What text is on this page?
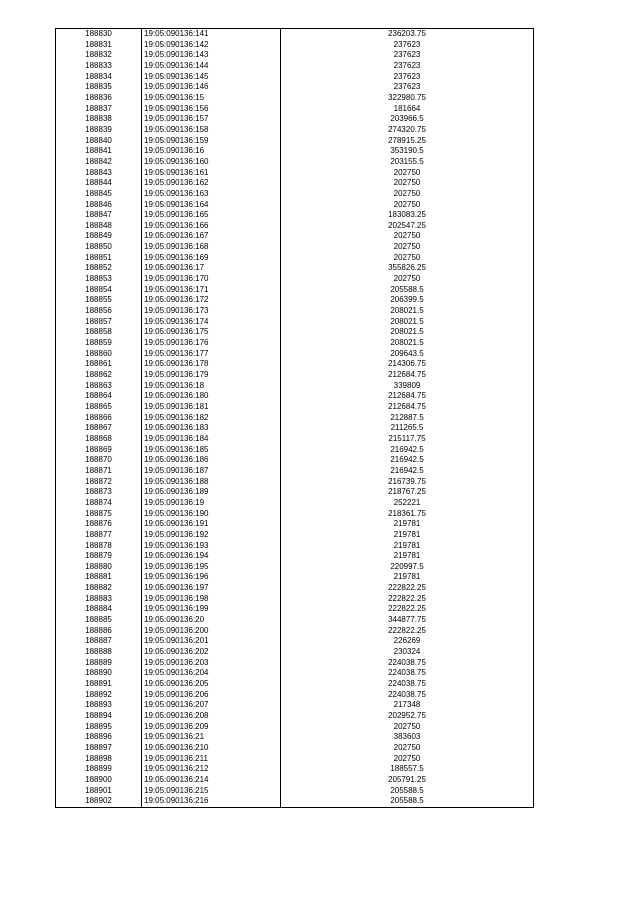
188830	19:05:090136:141	236203.75
188831	19:05:090136:142	237623
188832	19:05:090136:143	237623
188833	19:05:090136:144	237623
188834	19:05:090136:145	237623
188835	19:05:090136:146	237623
188836	19:05:090136:15	322980.75
188837	19:05:090136:156	181664
188838	19:05:090136:157	203966.5
188839	19:05:090136:158	274320.75
188840	19:05:090136:159	278915.25
188841	19:05:090136:16	353190.5
188842	19:05:090136:160	203155.5
188843	19:05:090136:161	202750
188844	19:05:090136:162	202750
188845	19:05:090136:163	202750
188846	19:05:090136:164	202750
188847	19:05:090136:165	183083.25
188848	19:05:090136:166	202547.25
188849	19:05:090136:167	202750
188850	19:05:090136:168	202750
188851	19:05:090136:169	202750
188852	19:05:090136:17	355826.25
188853	19:05:090136:170	202750
188854	19:05:090136:171	205588.5
188855	19:05:090136:172	206399.5
188856	19:05:090136:173	208021.5
188857	19:05:090136:174	208021.5
188858	19:05:090136:175	208021.5
188859	19:05:090136:176	208021.5
188860	19:05:090136:177	209643.5
188861	19:05:090136:178	214306.75
188862	19:05:090136:179	212684.75
188863	19:05:090136:18	339809
188864	19:05:090136:180	212684.75
188865	19:05:090136:181	212684.75
188866	19:05:090136:182	212887.5
188867	19:05:090136:183	211265.5
188868	19:05:090136:184	215117.75
188869	19:05:090136:185	216942.5
188870	19:05:090136:186	216942.5
188871	19:05:090136:187	216942.5
188872	19:05:090136:188	216739.75
188873	19:05:090136:189	218767.25
188874	19:05:090136:19	252221
188875	19:05:090136:190	218361.75
188876	19:05:090136:191	219781
188877	19:05:090136:192	219781
188878	19:05:090136:193	219781
188879	19:05:090136:194	219781
188880	19:05:090136:195	220997.5
188881	19:05:090136:196	219781
188882	19:05:090136:197	222822.25
188883	19:05:090136:198	222822.25
188884	19:05:090136:199	222822.25
188885	19:05:090136:20	344877.75
188886	19:05:090136:200	222822.25
188887	19:05:090136:201	226269
188888	19:05:090136:202	230324
188889	19:05:090136:203	224038.75
188890	19:05:090136:204	224038.75
188891	19:05:090136:205	224038.75
188892	19:05:090136:206	224038.75
188893	19:05:090136:207	217348
188894	19:05:090136:208	202952.75
188895	19:05:090136:209	202750
188896	19:05:090136:21	383603
188897	19:05:090136:210	202750
188898	19:05:090136:211	202750
188899	19:05:090136:212	188557.5
188900	19:05:090136:214	205791.25
188901	19:05:090136:215	205588.5
188902	19:05:090136:216	205588.5
